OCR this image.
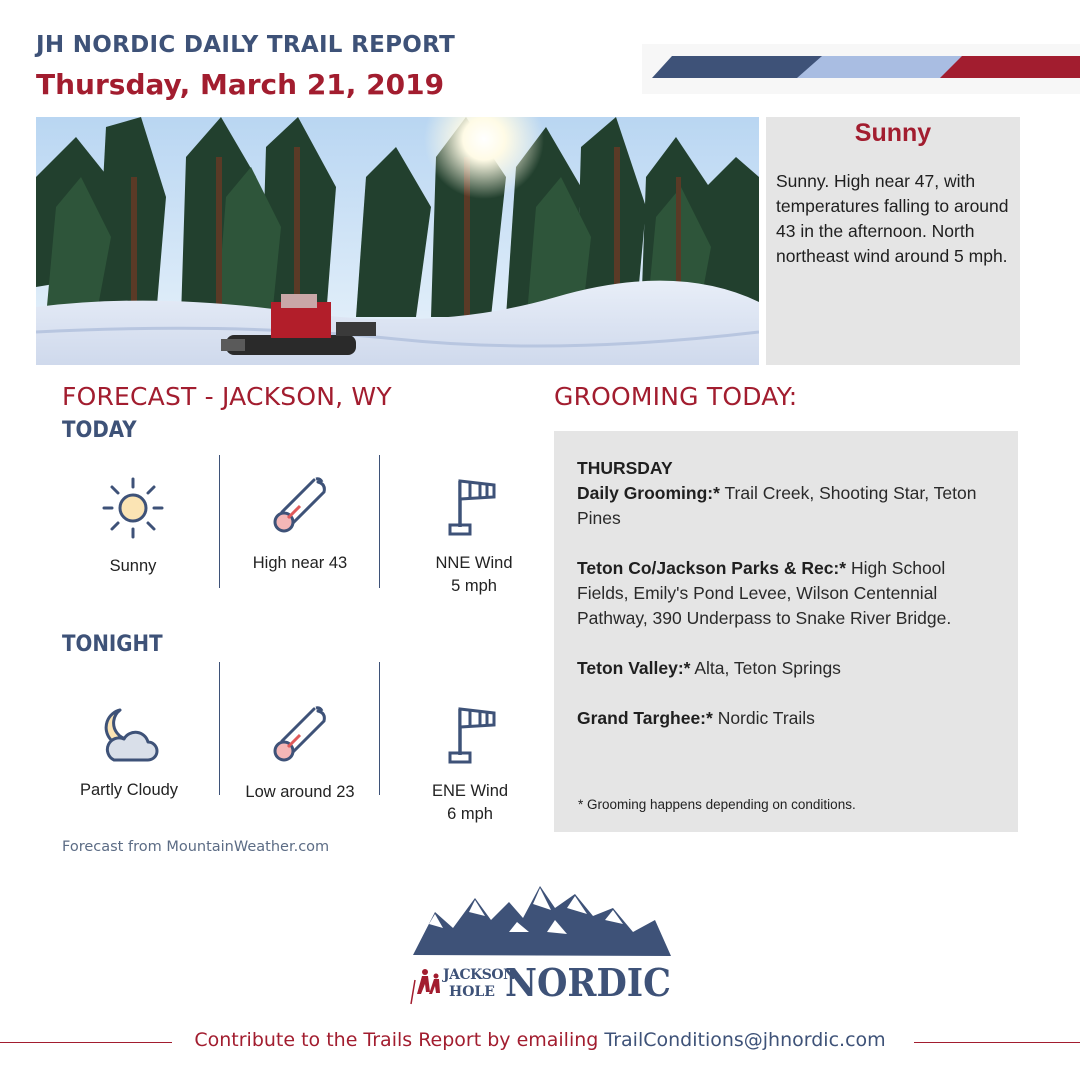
JH NORDIC DAILY TRAIL REPORT
Thursday, March 21, 2019
Sunny
Sunny. High near 47, with temperatures falling to around 43 in the afternoon. North northeast wind around 5 mph.
FORECAST - JACKSON, WY
TODAY
Sunny	High near 43	NNE Wind
5 mph
TONIGHT
Partly Cloudy	Low around 23	ENE Wind
6 mph
Forecast from MountainWeather.com
GROOMING TODAY:
THURSDAY
Daily Grooming:* Trail Creek, Shooting Star, Teton Pines
Teton Co/Jackson Parks & Rec:* High School Fields, Emily's Pond Levee, Wilson Centennial Pathway, 390 Underpass to Snake River Bridge.
Teton Valley:* Alta, Teton Springs
Grand Targhee:* Nordic Trails
* Grooming happens depending on conditions.
JACKSON
HOLE NORDIC
Contribute to the Trails Report by emailing TrailConditions@jhnordic.com
